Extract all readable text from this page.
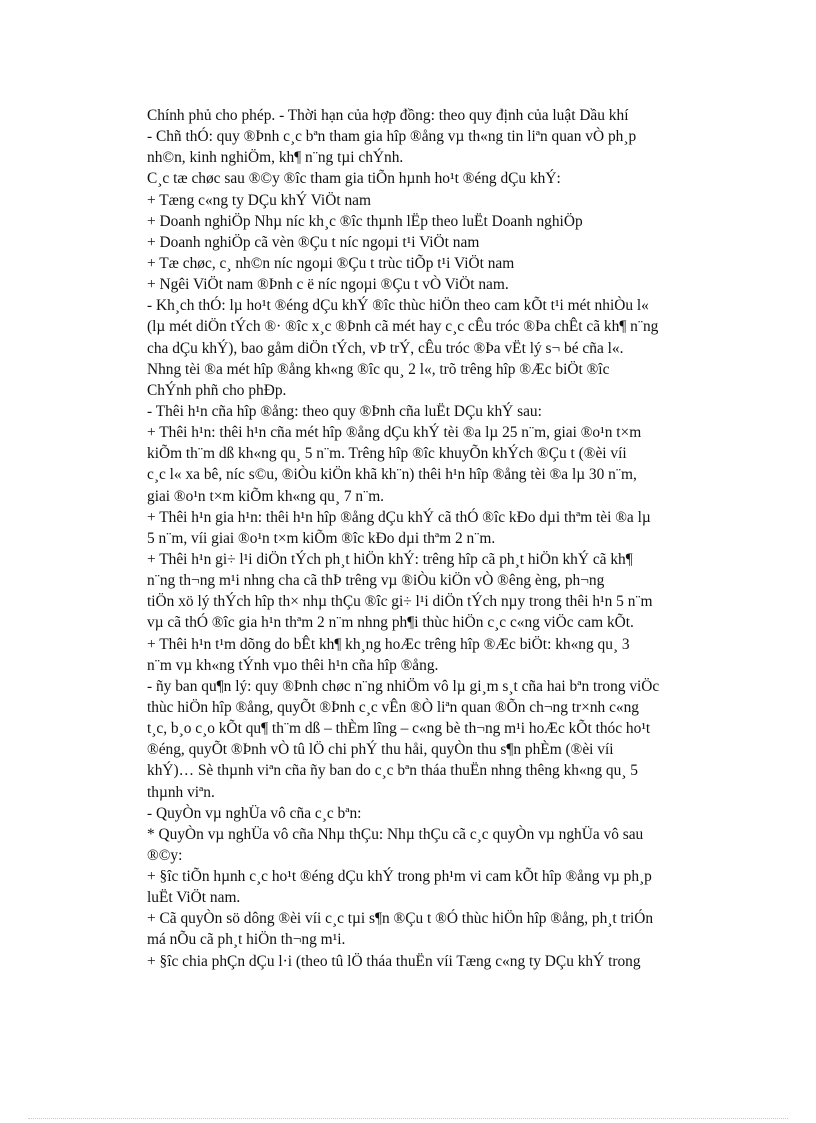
Chính phủ cho phép. - Thời hạn của hợp đồng: theo quy định của luật Dầu khí
- Chñ thÓ: quy ®Þnh c¸c bªn tham gia hîp ®ång vµ th«ng tin liªn quan vÒ ph¸p
nh©n, kinh nghiÖm, kh¶ n¨ng tµi chÝnh.
C¸c tæ chøc sau ®©y ®îc tham gia tiÕn hµnh ho¹t ®éng dÇu khÝ:
+ Tæng c«ng ty DÇu khÝ ViÖt nam
+ Doanh nghiÖp Nhµ níc kh¸c ®îc thµnh lËp theo luËt Doanh nghiÖp
+ Doanh nghiÖp cã vèn ®Çu t níc ngoµi t¹i ViÖt nam
+ Tæ chøc, c¸ nh©n níc ngoµi ®Çu t trùc tiÕp t¹i ViÖt nam
+ Ngêi ViÖt nam ®Þnh c ë níc ngoµi ®Çu t vÒ ViÖt nam.
- Kh¸ch thÓ: lµ ho¹t ®éng dÇu khÝ ®îc thùc hiÖn theo cam kÕt t¹i mét nhiÒu l«
(lµ mét diÖn tÝch ®· ®îc x¸c ®Þnh cã mét hay c¸c cÊu tróc ®Þa chÊt cã kh¶ n¨ng
cha dÇu khÝ), bao gåm diÖn tÝch, vÞ trÝ, cÊu tróc ®Þa vËt lý s¬ bé cña l«.
Nhng tèi ®a mét hîp ®ång kh«ng ®îc qu¸ 2 l«, trõ trêng hîp ®Æc biÖt ®îc
ChÝnh phñ cho phÐp.
- Thêi h¹n cña hîp ®ång: theo quy ®Þnh cña luËt DÇu khÝ sau:
+ Thêi h¹n: thêi h¹n cña mét hîp ®ång dÇu khÝ tèi ®a lµ 25 n¨m, giai ®o¹n t×m
kiÕm th¨m dß kh«ng qu¸ 5 n¨m. Trêng hîp ®îc khuyÕn khÝch ®Çu t (®èi víi
c¸c l« xa bê, níc s©u, ®iÒu kiÖn khã kh¨n) thêi h¹n hîp ®ång tèi ®a lµ 30 n¨m,
giai ®o¹n t×m kiÕm kh«ng qu¸ 7 n¨m.
+ Thêi h¹n gia h¹n: thêi h¹n hîp ®ång dÇu khÝ cã thÓ ®îc kÐo dµi thªm tèi ®a lµ
5 n¨m, víi giai ®o¹n t×m kiÕm ®îc kÐo dµi thªm 2 n¨m.
+ Thêi h¹n gi÷ l¹i diÖn tÝch ph¸t hiÖn khÝ: trêng hîp cã ph¸t hiÖn khÝ cã kh¶
n¨ng th¬ng m¹i nhng cha cã thÞ trêng vµ ®iÒu kiÖn vÒ ®êng èng, ph¬ng
tiÖn xö lý thÝch hîp th× nhµ thÇu ®îc gi÷ l¹i diÖn tÝch nµy trong thêi h¹n 5 n¨m
vµ cã thÓ ®îc gia h¹n thªm 2 n¨m nhng ph¶i thùc hiÖn c¸c c«ng viÖc cam kÕt.
+ Thêi h¹n t¹m dõng do bÊt kh¶ kh¸ng hoÆc trêng hîp ®Æc biÖt: kh«ng qu¸ 3
n¨m vµ kh«ng tÝnh vµo thêi h¹n cña hîp ®ång.
- ñy ban qu¶n lý: quy ®Þnh chøc n¨ng nhiÖm vô lµ gi¸m s¸t cña hai bªn trong viÖc
thùc hiÖn hîp ®ång, quyÕt ®Þnh c¸c vÊn ®Ò liªn quan ®Õn ch¬ng tr×nh c«ng
t¸c, b¸o c¸o kÕt qu¶ th¨m dß – thÈm lîng – c«ng bè th¬ng m¹i hoÆc kÕt thóc ho¹t
®éng, quyÕt ®Þnh vÒ tû lÖ chi phÝ thu håi, quyÒn thu s¶n phÈm (®èi víi
khÝ)… Sè thµnh viªn cña ñy ban do c¸c bªn tháa thuËn nhng thêng kh«ng qu¸ 5
thµnh viªn.
- QuyÒn vµ nghÜa vô cña c¸c bªn:
* QuyÒn vµ nghÜa vô cña Nhµ thÇu: Nhµ thÇu cã c¸c quyÒn vµ nghÜa vô sau
®©y:
+ §îc tiÕn hµnh c¸c ho¹t ®éng dÇu khÝ trong ph¹m vi cam kÕt hîp ®ång vµ ph¸p
luËt ViÖt nam.
+ Cã quyÒn sö dông ®èi víi c¸c tµi s¶n ®Çu t ®Ó thùc hiÖn hîp ®ång, ph¸t triÓn
má nÕu cã ph¸t hiÖn th¬ng m¹i.
+ §îc chia phÇn dÇu l·i (theo tû lÖ tháa thuËn víi Tæng c«ng ty DÇu khÝ trong
